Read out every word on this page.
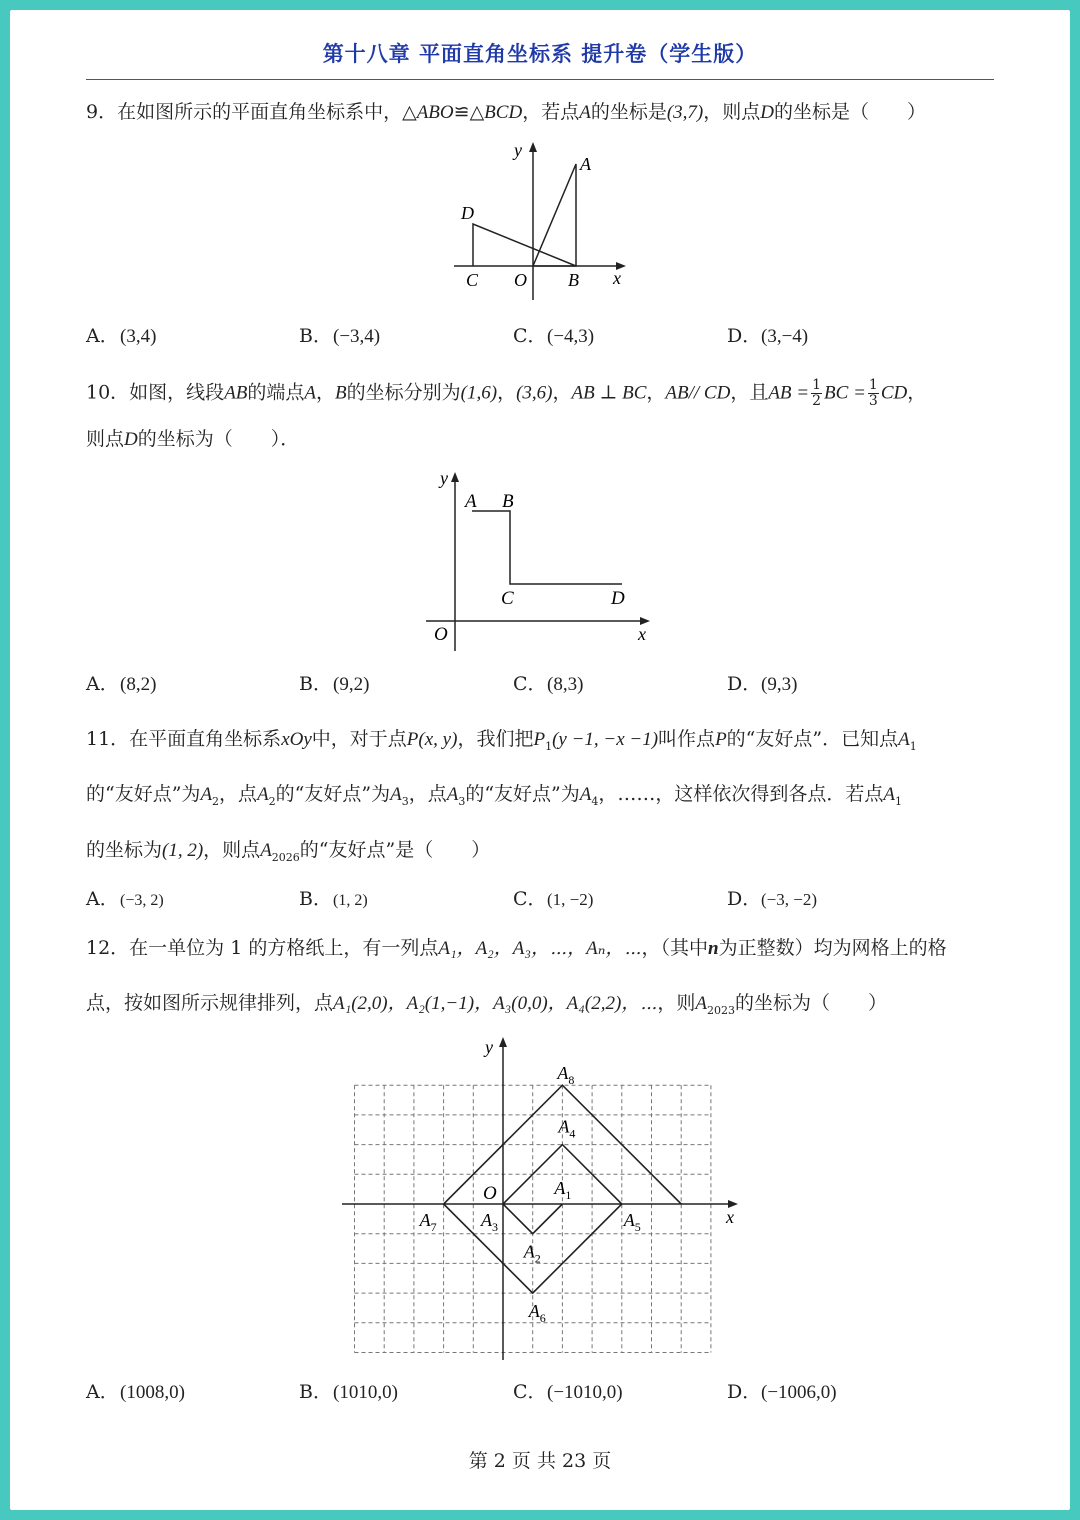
第十八章 平面直角坐标系 提升卷（学生版）
9．在如图所示的平面直角坐标系中，△ABO≌△BCD，若点A的坐标是(3,7)，则点D的坐标是（　　）
x
y
A
B
C
D
O
A．(3,4)	B．(−3,4)	C．(−4,3)	D．(3,−4)
10．如图，线段AB的端点A，B的坐标分别为(1,6)，(3,6)，AB ⊥ BC，AB// CD，且AB = $\frac{1}{2}$ BC = $\frac{1}{3}$ CD，
则点D的坐标为（　　）．
x
y
A B
C	D
O
A．(8,2)	B．(9,2)	C．(8,3)	D．(9,3)
11．在平面直角坐标系xOy中，对于点P(x, y)，我们把$P_1(y -1$, −x −1)叫作点P的“友好点”．已知点$A_1$
的“友好点”为$A_2$，点$A_2$的“友好点”为$A_3$，点$A_3$的“友好点”为$A_4$，……，这样依次得到各点．若点$A_1$
的坐标为(1, 2)，则点$A_{2026}$的“友好点”是（　　）
A．(−3, 2)	B．(1, 2)	C．(1, −2)	D．(−3, −2)
12．在一单位为 1 的方格纸上，有一列点A₁，A₂，A₃，⋯，Aₙ，⋯，（其中n为正整数）均为网格上的格
点，按如图所示规律排列，点A₁(2,0)，A₂(1,−1)，A₃(0,0)，A₄(2,2)，⋯，则$A_{2023}$的坐标为（　　）
x
y
O	$A_1$
$A_2$
$A_3$
$A_4$
$A_5$
$A_6$
$A_7$
$A_8$
A．(1008,0)	B．(1010,0)	C．(−1010,0)	D．(−1006,0)
第 2 页 共 23 页
